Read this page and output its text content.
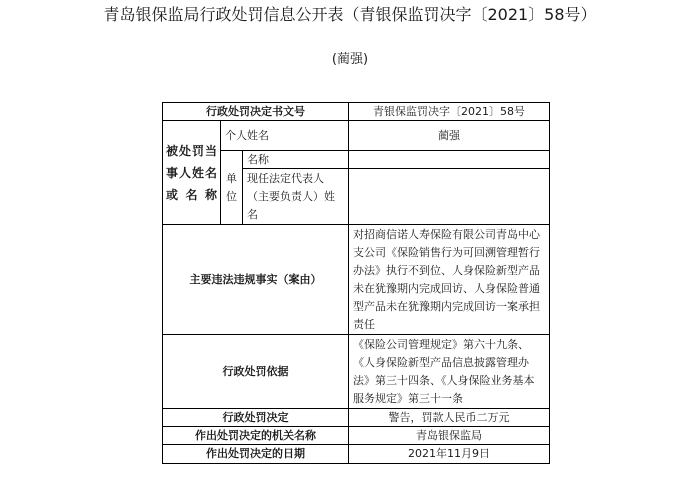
青岛银保监局行政处罚信息公开表（青银保监罚决字〔2021〕58号）
(蔺强)
行政处罚决定书文号			青银保监罚决字〔2021〕58号

被处罚当事人姓名或名称	个人姓名		蔺强
	单位	名称	
		现任法定代表人（主要负责人）姓名	
主要违法违规事实（案由）			对招商信诺人寿保险有限公司青岛中心支公司《保险销售行为可回溯管理暂行办法》执行不到位、人身保险新型产品未在犹豫期内完成回访、人身保险普通型产品未在犹豫期内完成回访一案承担责任
行政处罚依据			《保险公司管理规定》第六十九条、《人身保险新型产品信息披露管理办法》第三十四条、《人身保险业务基本服务规定》第三十一条
行政处罚决定			警告，罚款人民币二万元
作出处罚决定的机关名称			青岛银保监局
作出处罚决定的日期			2021年11月9日
